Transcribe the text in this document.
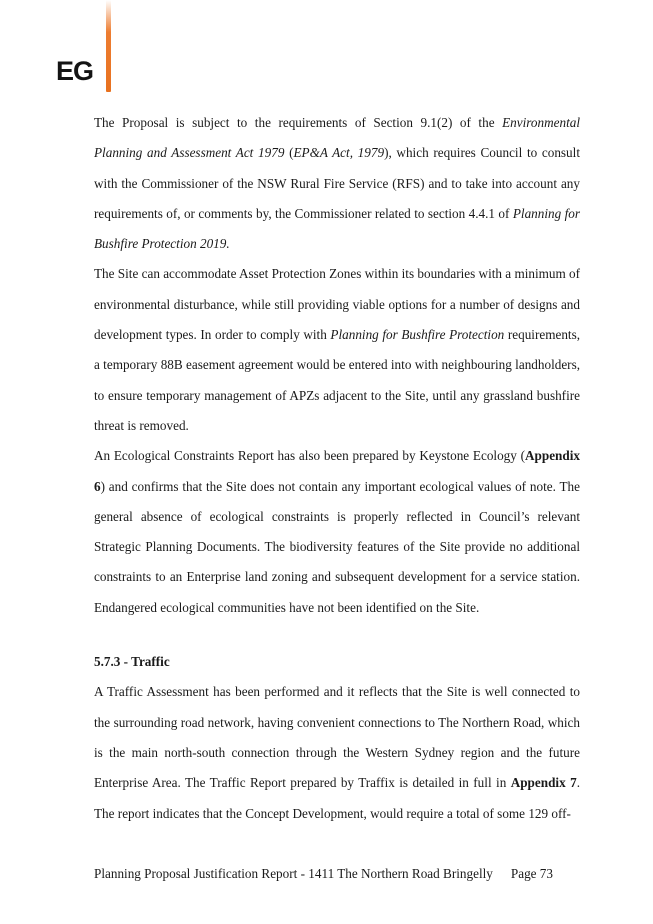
EG

The Proposal is subject to the requirements of Section 9.1(2) of the Environmental Planning and Assessment Act 1979 (EP&A Act, 1979), which requires Council to consult with the Commissioner of the NSW Rural Fire Service (RFS) and to take into account any requirements of, or comments by, the Commissioner related to section 4.4.1 of Planning for Bushfire Protection 2019.

The Site can accommodate Asset Protection Zones within its boundaries with a minimum of environmental disturbance, while still providing viable options for a number of designs and development types. In order to comply with Planning for Bushfire Protection requirements, a temporary 88B easement agreement would be entered into with neighbouring landholders, to ensure temporary management of APZs adjacent to the Site, until any grassland bushfire threat is removed.

An Ecological Constraints Report has also been prepared by Keystone Ecology (Appendix 6) and confirms that the Site does not contain any important ecological values of note. The general absence of ecological constraints is properly reflected in Council’s relevant Strategic Planning Documents. The biodiversity features of the Site provide no additional constraints to an Enterprise land zoning and subsequent development for a service station. Endangered ecological communities have not been identified on the Site.

5.7.3 - Traffic

A Traffic Assessment has been performed and it reflects that the Site is well connected to the surrounding road network, having convenient connections to The Northern Road, which is the main north-south connection through the Western Sydney region and the future Enterprise Area. The Traffic Report prepared by Traffix is detailed in full in Appendix 7. The report indicates that the Concept Development, would require a total of some 129 off-

Planning Proposal Justification Report - 1411 The Northern Road Bringelly Page 73
